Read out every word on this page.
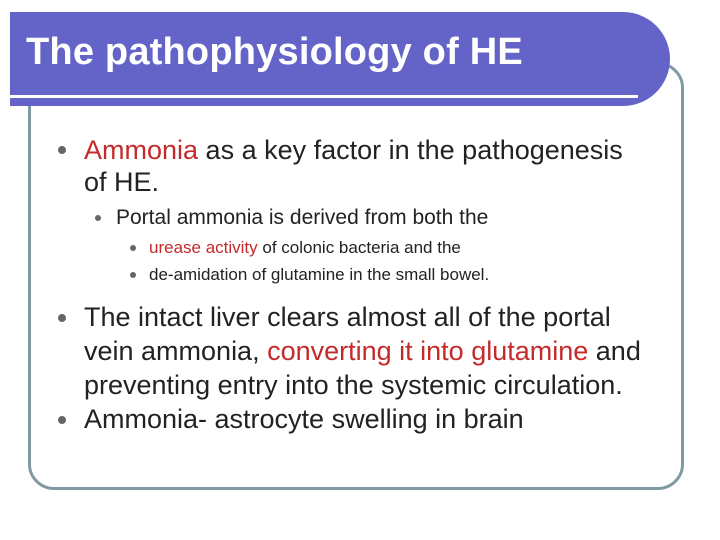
The pathophysiology of HE

Ammonia as a key factor in the pathogenesis

of HE.

Portal ammonia is derived from both the

urease activity of colonic bacteria and the

de-amidation of glutamine in the small bowel.

The intact liver clears almost all of the portal

vein ammonia, converting it into glutamine and

preventing entry into the systemic circulation.

Ammonia- astrocyte swelling in brain
